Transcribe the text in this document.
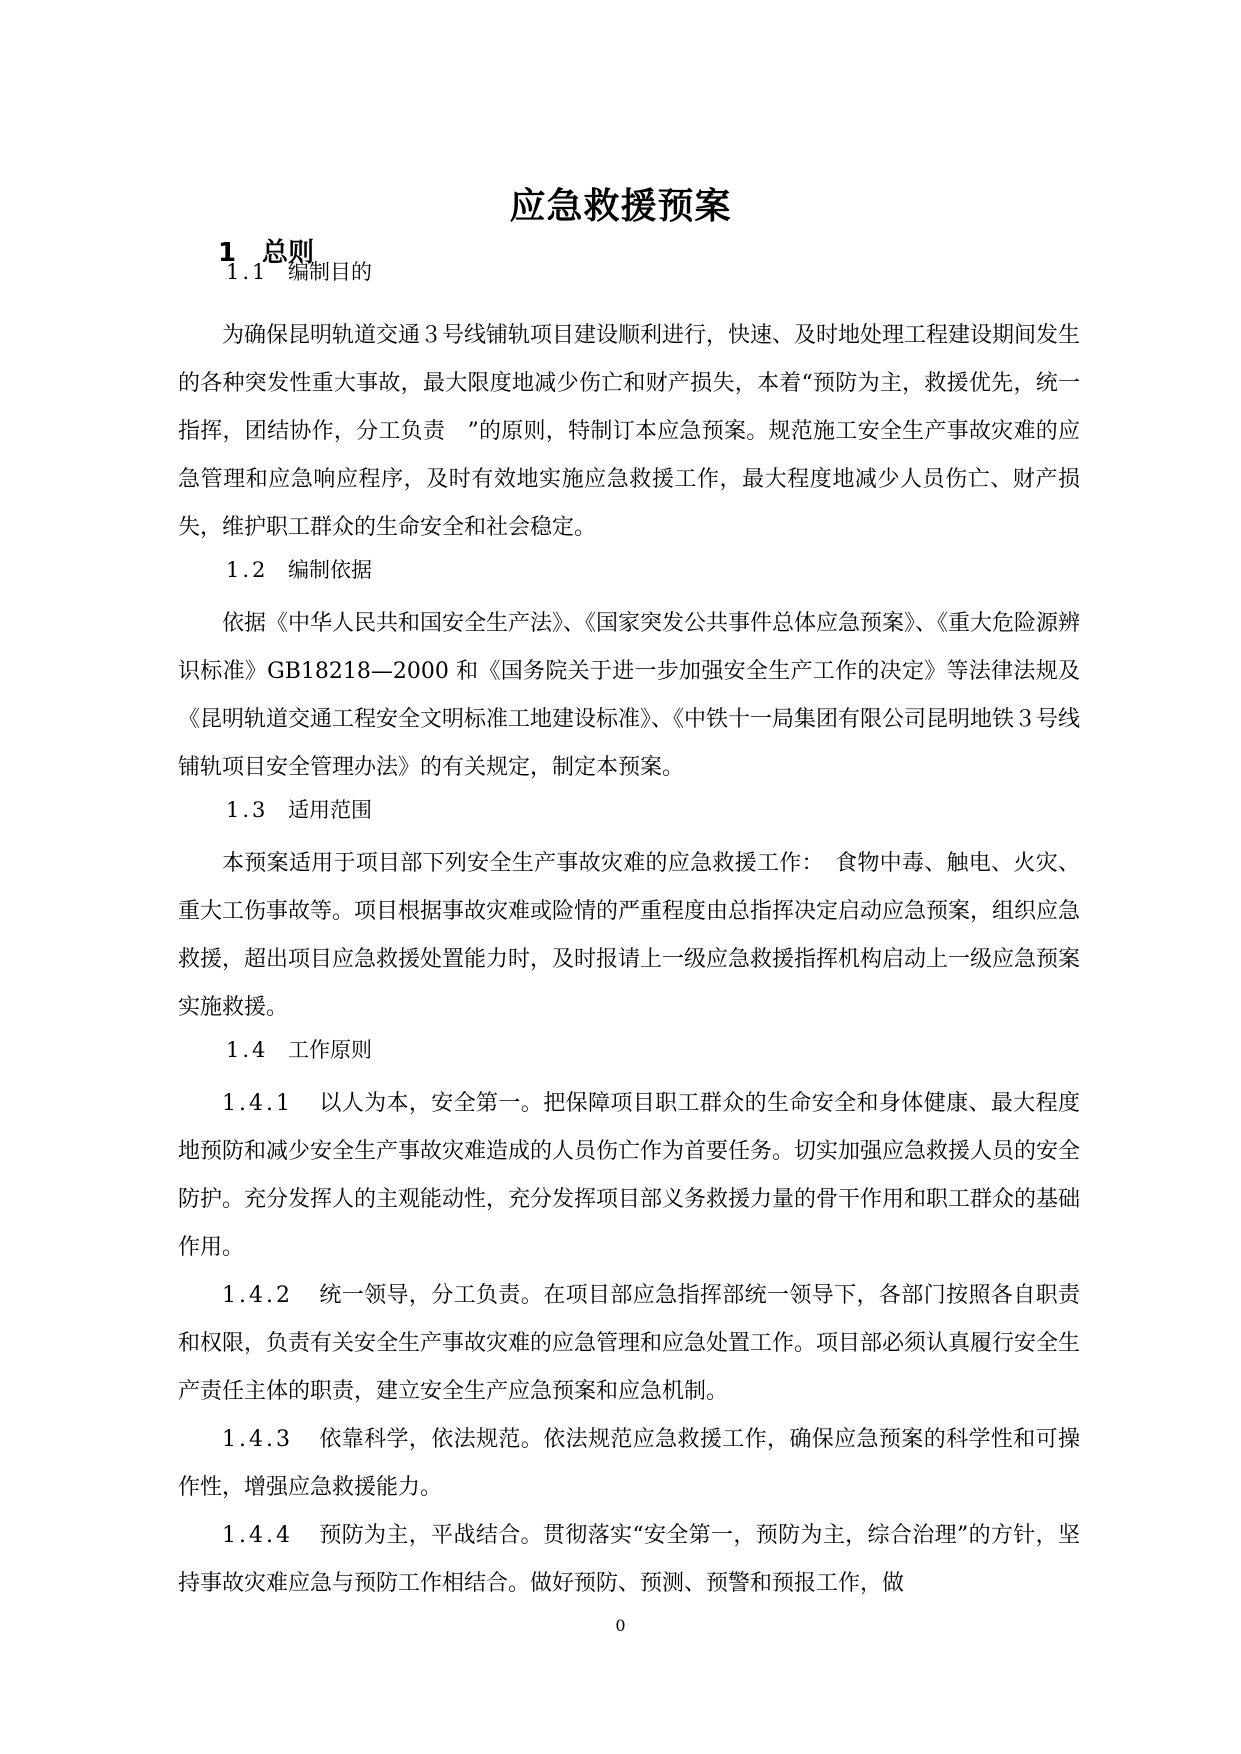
应急救援预案
1 总则
1.1 编制目的
为确保昆明轨道交通３号线铺轨项目建设顺利进行，快速、及时地处理工程建设期间发生的各种突发性重大事故，最大限度地减少伤亡和财产损失，本着“预防为主，救援优先，统一指挥，团结协作，分工负责　”的原则，特制订本应急预案。规范施工安全生产事故灾难的应急管理和应急响应程序，及时有效地实施应急救援工作，最大程度地减少人员伤亡、财产损失，维护职工群众的生命安全和社会稳定。
1.2 编制依据
依据《中华人民共和国安全生产法》、《国家突发公共事件总体应急预案》、《重大危险源辨识标准》GB18218—2000 和《国务院关于进一步加强安全生产工作的决定》等法律法规及《昆明轨道交通工程安全文明标准工地建设标准》、《中铁十一局集团有限公司昆明地铁３号线铺轨项目安全管理办法》的有关规定，制定本预案。
1.3 适用范围
本预案适用于项目部下列安全生产事故灾难的应急救援工作：　食物中毒、触电、火灾、重大工伤事故等。项目根据事故灾难或险情的严重程度由总指挥决定启动应急预案，组织应急救援，超出项目应急救援处置能力时，及时报请上一级应急救援指挥机构启动上一级应急预案实施救援。
1.4 工作原则
1.4.1 以人为本，安全第一。把保障项目职工群众的生命安全和身体健康、最大程度地预防和减少安全生产事故灾难造成的人员伤亡作为首要任务。切实加强应急救援人员的安全防护。充分发挥人的主观能动性，充分发挥项目部义务救援力量的骨干作用和职工群众的基础作用。
1.4.2 统一领导，分工负责。在项目部应急指挥部统一领导下，各部门按照各自职责和权限，负责有关安全生产事故灾难的应急管理和应急处置工作。项目部必须认真履行安全生产责任主体的职责，建立安全生产应急预案和应急机制。
1.4.3 依靠科学，依法规范。依法规范应急救援工作，确保应急预案的科学性和可操作性，增强应急救援能力。
1.4.4 预防为主，平战结合。贯彻落实“安全第一，预防为主，综合治理”的方针，坚持事故灾难应急与预防工作相结合。做好预防、预测、预警和预报工作，做
0
